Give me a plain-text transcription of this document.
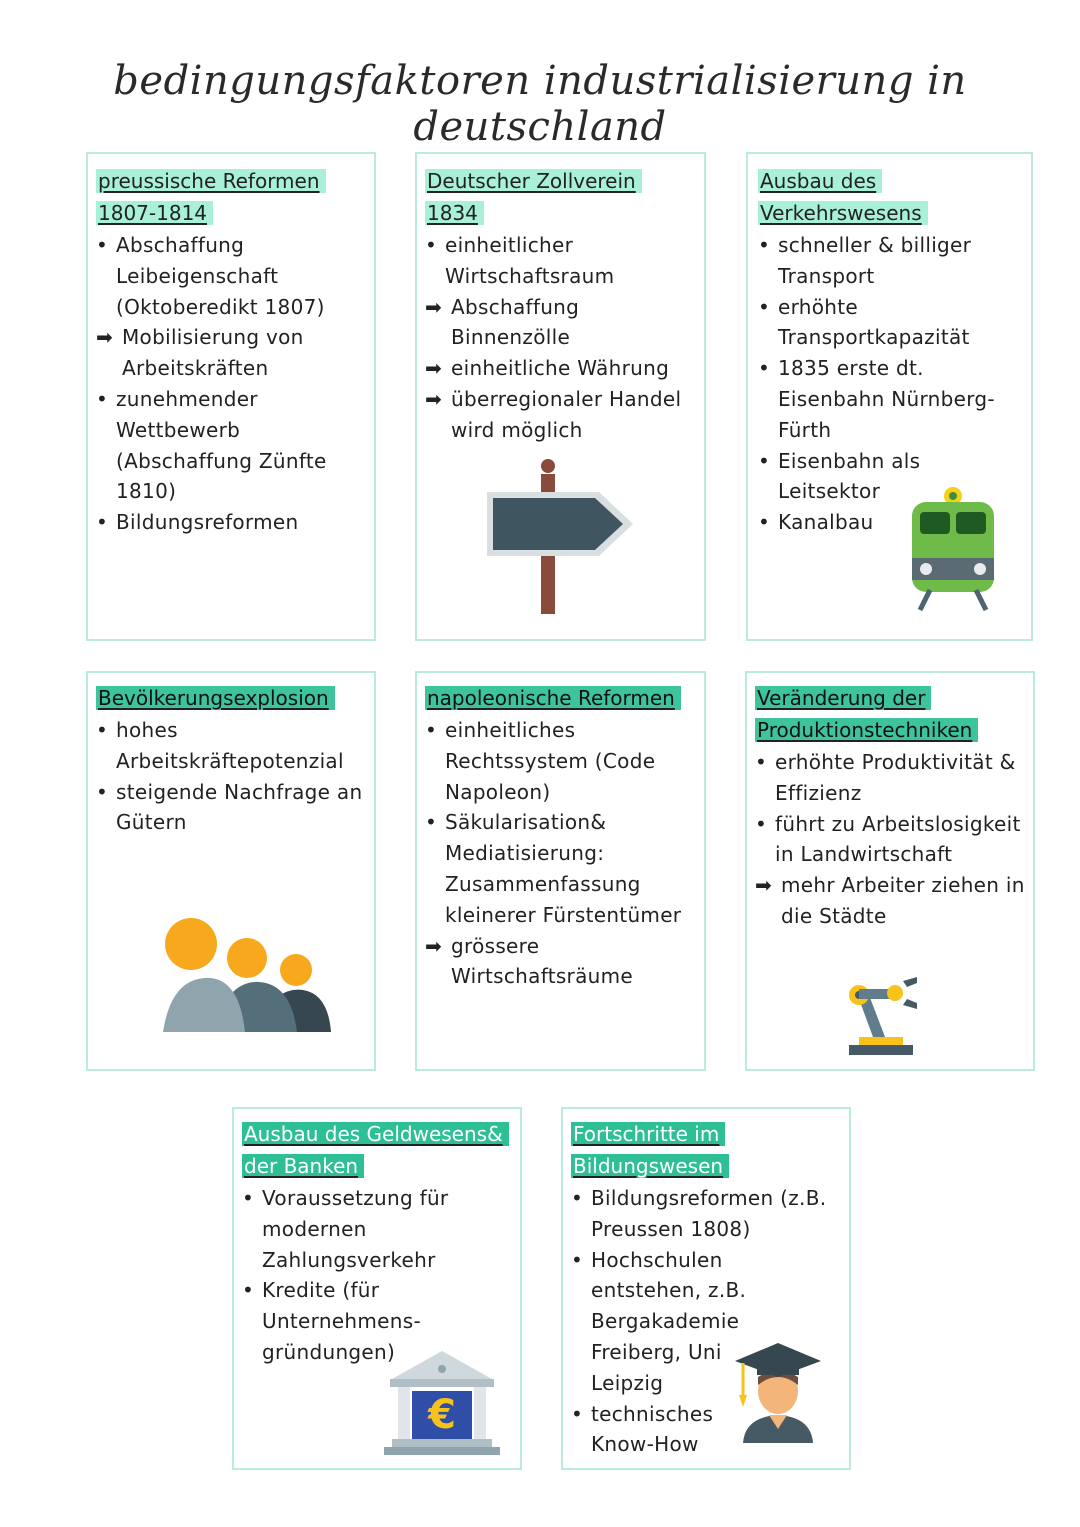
bedingungsfaktoren industrialisierung in deutschland
preussische Reformen
1807-1814
• Abschaffung Leibeigenschaft (Oktoberedikt 1807)
➡ Mobilisierung von Arbeitskräften
• zunehmender Wettbewerb (Abschaffung Zünfte 1810)
• Bildungsreformen
Deutscher Zollverein
1834
• einheitlicher Wirtschaftsraum
➡ Abschaffung Binnenzölle
➡ einheitliche Währung
➡ überregionaler Handel wird möglich
Ausbau des
Verkehrswesens
• schneller & billiger Transport
• erhöhte Transportkapazität
• 1835 erste dt. Eisenbahn Nürnberg-Fürth
• Eisenbahn als Leitsektor
• Kanalbau
Bevölkerungsexplosion
• hohes Arbeitskräftepotenzial
• steigende Nachfrage an Gütern
napoleonische Reformen
• einheitliches Rechtssystem (Code Napoleon)
• Säkularisation& Mediatisierung: Zusammenfassung kleinerer Fürstentümer
➡ grössere Wirtschaftsräume
Veränderung der
Produktionstechniken
• erhöhte Produktivität & Effizienz
• führt zu Arbeitslosigkeit in Landwirtschaft
➡ mehr Arbeiter ziehen in die Städte
Ausbau des Geldwesens&
der Banken
• Voraussetzung für modernen Zahlungsverkehr
• Kredite (für Unternehmens-gründungen)
€
Fortschritte im
Bildungswesen
• Bildungsreformen (z.B. Preussen 1808)
• Hochschulen entstehen, z.B. Bergakademie Freiberg, Uni Leipzig
• technisches Know-How
